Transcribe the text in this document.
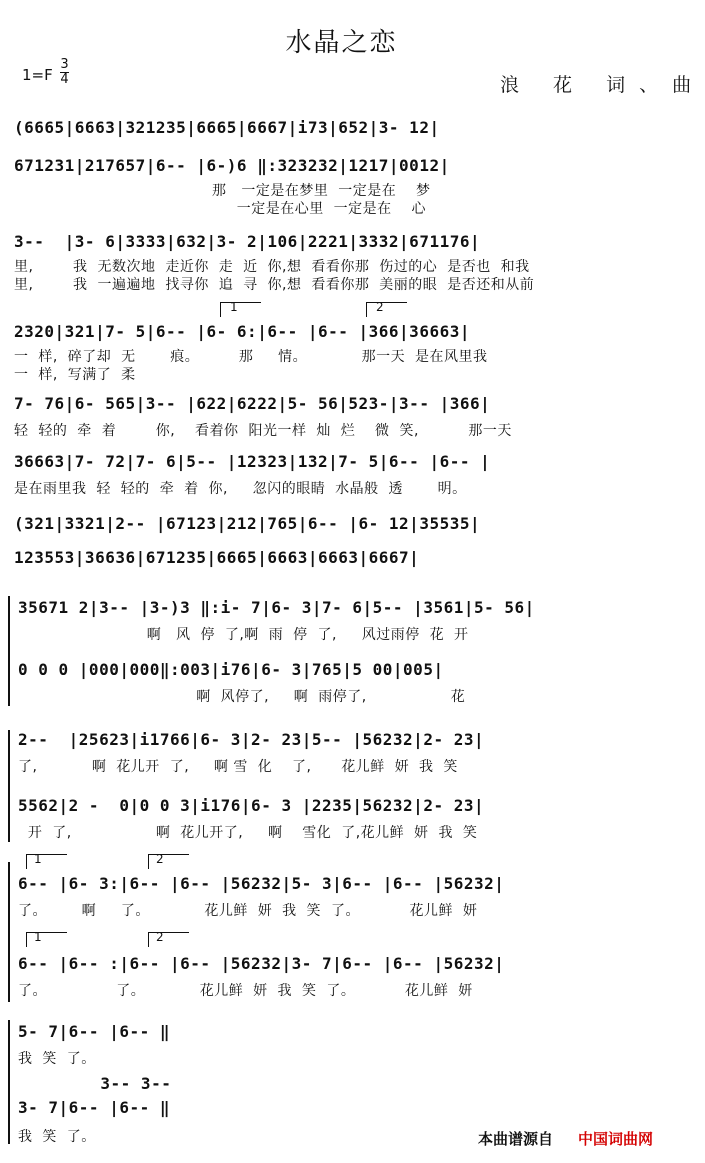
水晶之恋
1=F
3
4	浪 花 词、曲
(6665|6663|321235|6665|6667|i73|652|3- 12|
671231|217657|6-- |6-)6 ‖:323232|1217|0012|
那   一定是在梦里  一定是在    梦
一定是在心里  一定是在    心
3--  |3- 6|3333|632|3- 2|106|2221|3332|671176|
里,        我  无数次地  走近你  走  近  你,想  看看你那  伤过的心  是否也  和我
里,        我  一遍遍地  找寻你  追  寻  你,想  看看你那  美丽的眼  是否还和从前
1	2
2320|321|7- 5|6-- |6- 6:|6-- |6-- |366|36663|
一  样,  碎了却  无       痕。        那     情。           那一天  是在风里我
一  样,  写满了  柔
7- 76|6- 565|3-- |622|6222|5- 56|523-|3-- |366|
轻  轻的  牵  着        你,    看着你  阳光一样  灿  烂    微  笑,          那一天
36663|7- 72|7- 6|5-- |12323|132|7- 5|6-- |6-- |
是在雨里我  轻  轻的  牵  着  你,     忽闪的眼睛  水晶般  透       明。
(321|3321|2-- |67123|212|765|6-- |6- 12|35535|
123553|36636|671235|6665|6663|6663|6667|
35671 2|3-- |3-)3 ‖:i- 7|6- 3|7- 6|5-- |3561|5- 56|
啊   风  停  了,啊  雨  停  了,     风过雨停  花  开
0 0 0 |000|000‖:003|i76|6- 3|765|5 00|005|
啊  风停了,     啊  雨停了,                 花
2--  |25623|i1766|6- 3|2- 23|5-- |56232|2- 23|
了,           啊  花儿开  了,     啊 雪  化    了,      花儿鲜  妍  我  笑
5562|2 -  0|0 0 3|i176|6- 3 |2235|56232|2- 23|
开  了,                 啊  花儿开了,     啊    雪化  了,花儿鲜  妍  我  笑
1	2
6-- |6- 3:|6-- |6-- |56232|5- 3|6-- |6-- |56232|
了。       啊     了。           花儿鲜  妍  我  笑  了。          花儿鲜  妍
1	2
6-- |6-- :|6-- |6-- |56232|3- 7|6-- |6-- |56232|
了。              了。           花儿鲜  妍  我  笑  了。          花儿鲜  妍
5- 7|6-- |6-- ‖
我  笑  了。
3-- 3--
3- 7|6-- |6-- ‖
我  笑  了。	本曲谱源自 中国词曲网
